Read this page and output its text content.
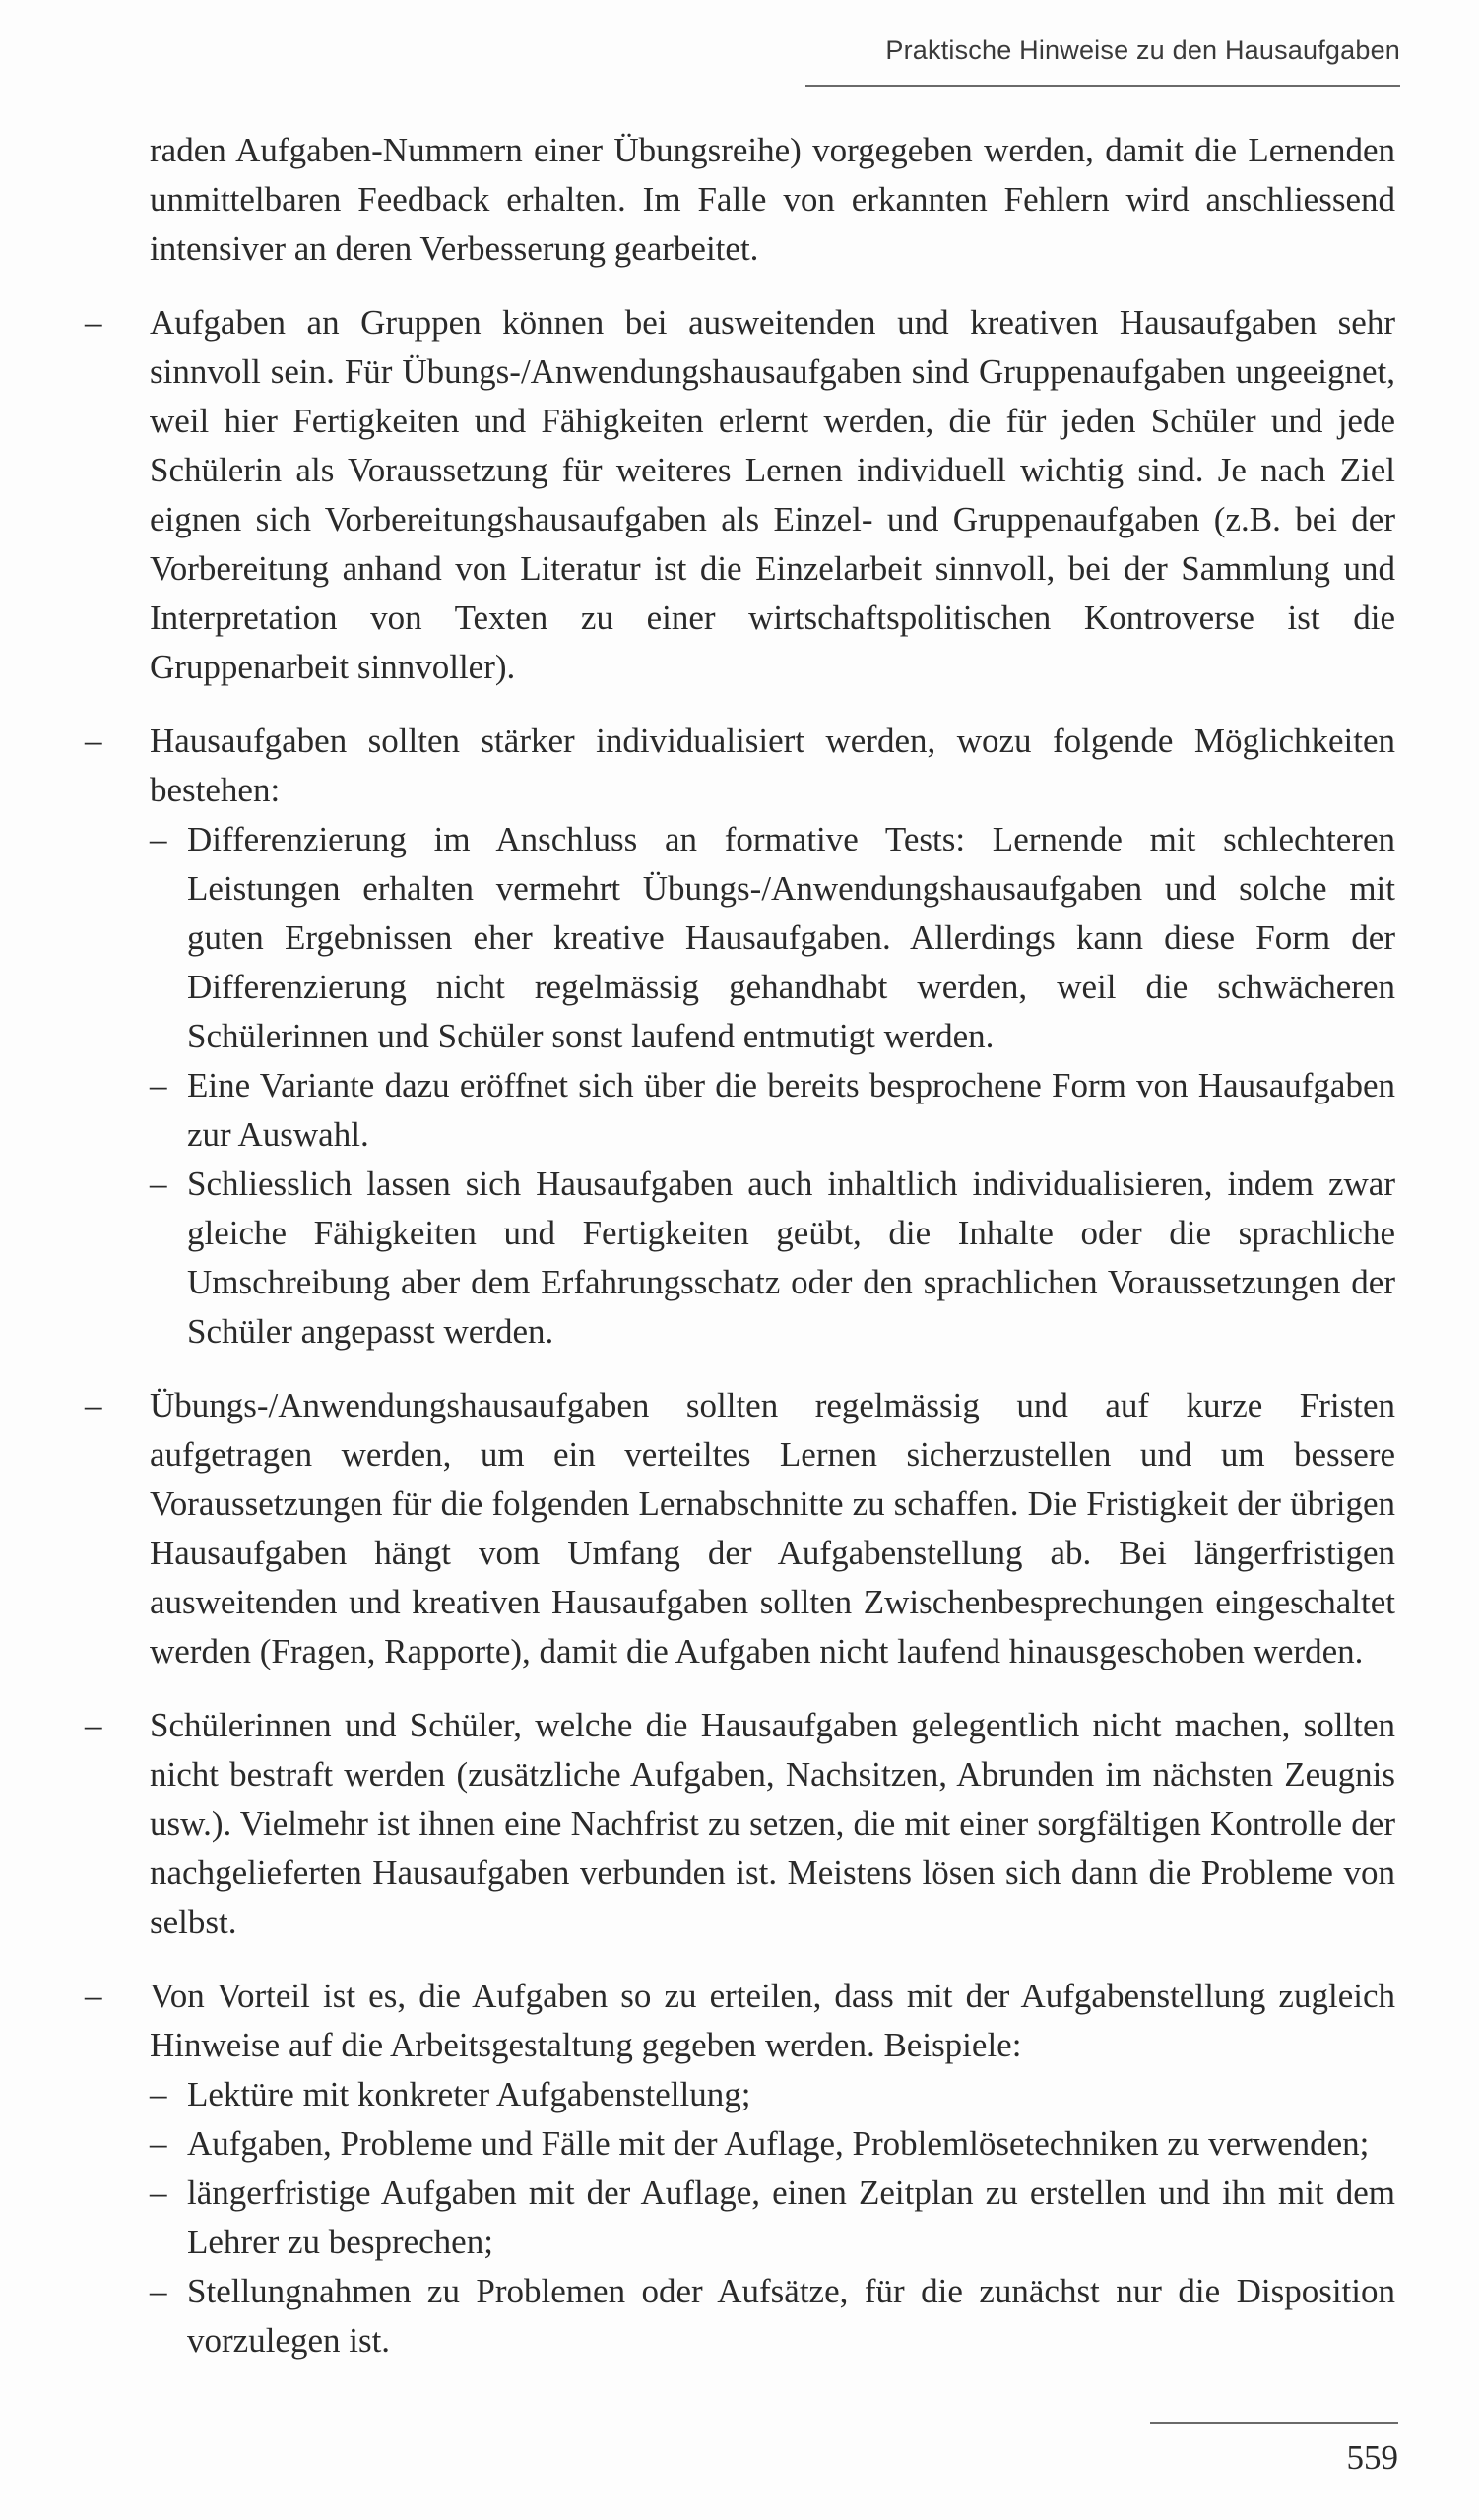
Praktische Hinweise zu den Hausaufgaben

raden Aufgaben-Nummern einer Übungsreihe) vorgegeben werden, damit die Lernenden unmittelbaren Feedback erhalten. Im Falle von erkannten Fehlern wird anschliessend intensiver an deren Verbesserung gearbeitet.

– Aufgaben an Gruppen können bei ausweitenden und kreativen Hausaufgaben sehr sinnvoll sein. Für Übungs-/Anwendungshausaufgaben sind Gruppenaufgaben ungeeignet, weil hier Fertigkeiten und Fähigkeiten erlernt werden, die für jeden Schüler und jede Schülerin als Voraussetzung für weiteres Lernen individuell wichtig sind. Je nach Ziel eignen sich Vorbereitungshausaufgaben als Einzel- und Gruppenaufgaben (z.B. bei der Vorbereitung anhand von Literatur ist die Einzelarbeit sinnvoll, bei der Sammlung und Interpretation von Texten zu einer wirtschaftspolitischen Kontroverse ist die Gruppenarbeit sinnvoller).
– Hausaufgaben sollten stärker individualisiert werden, wozu folgende Möglichkeiten bestehen:
– Differenzierung im Anschluss an formative Tests: Lernende mit schlechteren Leistungen erhalten vermehrt Übungs-/Anwendungshausaufgaben und solche mit guten Ergebnissen eher kreative Hausaufgaben. Allerdings kann diese Form der Differenzierung nicht regelmässig gehandhabt werden, weil die schwächeren Schülerinnen und Schüler sonst laufend entmutigt werden.
– Eine Variante dazu eröffnet sich über die bereits besprochene Form von Hausaufgaben zur Auswahl.
– Schliesslich lassen sich Hausaufgaben auch inhaltlich individualisieren, indem zwar gleiche Fähigkeiten und Fertigkeiten geübt, die Inhalte oder die sprachliche Umschreibung aber dem Erfahrungsschatz oder den sprachlichen Voraussetzungen der Schüler angepasst werden.
– Übungs-/Anwendungshausaufgaben sollten regelmässig und auf kurze Fristen aufgetragen werden, um ein verteiltes Lernen sicherzustellen und um bessere Voraussetzungen für die folgenden Lernabschnitte zu schaffen. Die Fristigkeit der übrigen Hausaufgaben hängt vom Umfang der Aufgabenstellung ab. Bei längerfristigen ausweitenden und kreativen Hausaufgaben sollten Zwischenbesprechungen eingeschaltet werden (Fragen, Rapporte), damit die Aufgaben nicht laufend hinausgeschoben werden.
– Schülerinnen und Schüler, welche die Hausaufgaben gelegentlich nicht machen, sollten nicht bestraft werden (zusätzliche Aufgaben, Nachsitzen, Abrunden im nächsten Zeugnis usw.). Vielmehr ist ihnen eine Nachfrist zu setzen, die mit einer sorgfältigen Kontrolle der nachgelieferten Hausaufgaben verbunden ist. Meistens lösen sich dann die Probleme von selbst.
– Von Vorteil ist es, die Aufgaben so zu erteilen, dass mit der Aufgabenstellung zugleich Hinweise auf die Arbeitsgestaltung gegeben werden. Beispiele:
– Lektüre mit konkreter Aufgabenstellung;
– Aufgaben, Probleme und Fälle mit der Auflage, Problemlösetechniken zu verwenden;
– längerfristige Aufgaben mit der Auflage, einen Zeitplan zu erstellen und ihn mit dem Lehrer zu besprechen;
– Stellungnahmen zu Problemen oder Aufsätze, für die zunächst nur die Disposition vorzulegen ist.
559
